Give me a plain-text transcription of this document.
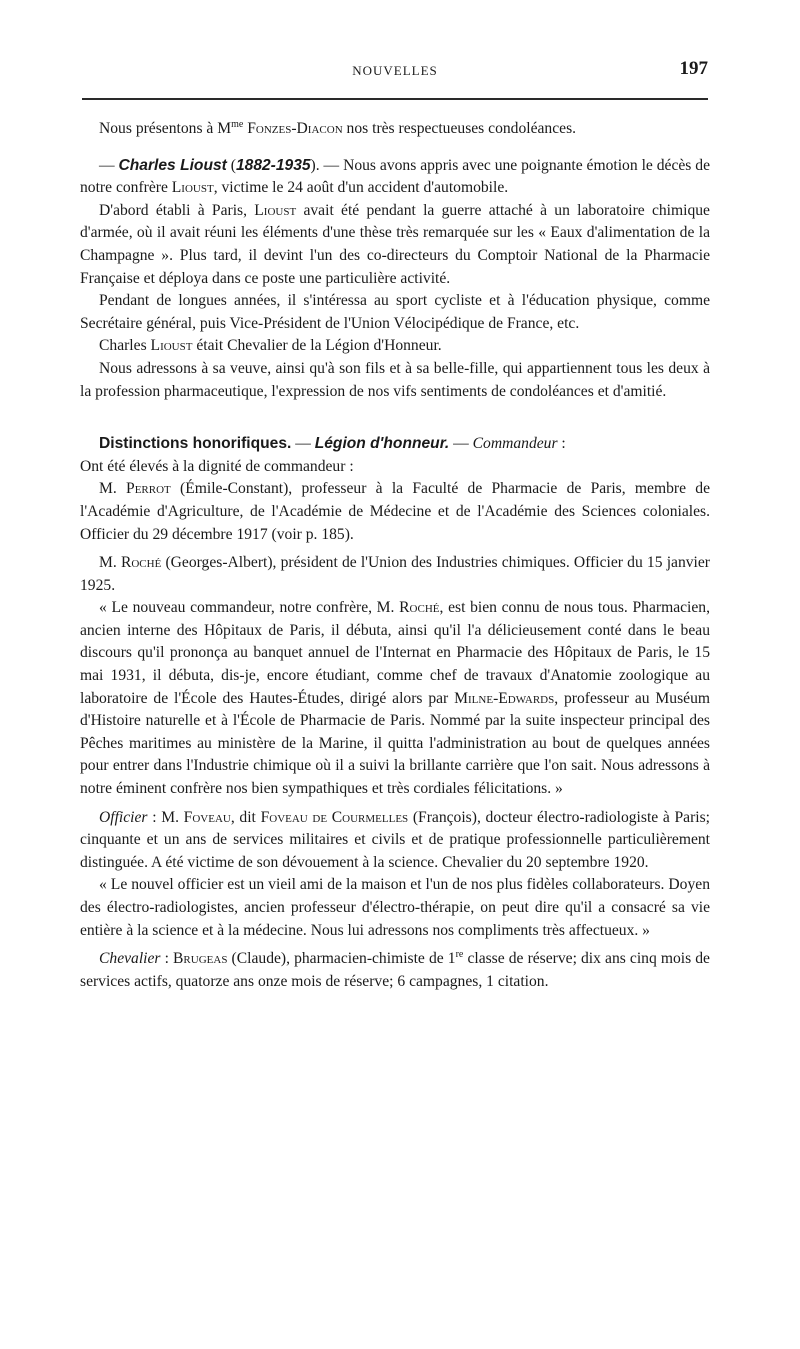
NOUVELLES	197

Nous présentons à $M^{me}$ Fonzes-Diacon nos très respectueuses condoléances.

— Charles Lioust (1882-1935). — Nous avons appris avec une poignante émotion le décès de notre confrère Lioust, victime le 24 août d'un accident d'automobile.

D'abord établi à Paris, Lioust avait été pendant la guerre attaché à un laboratoire chimique d'armée, où il avait réuni les éléments d'une thèse très remarquée sur les « Eaux d'alimentation de la Champagne ». Plus tard, il devint l'un des co-directeurs du Comptoir National de la Pharmacie Française et déploya dans ce poste une particulière activité.

Pendant de longues années, il s'intéressa au sport cycliste et à l'éducation physique, comme Secrétaire général, puis Vice-Président de l'Union Vélocipédique de France, etc.

Charles Lioust était Chevalier de la Légion d'Honneur.

Nous adressons à sa veuve, ainsi qu'à son fils et à sa belle-fille, qui appartiennent tous les deux à la profession pharmaceutique, l'expression de nos vifs sentiments de condoléances et d'amitié.

Distinctions honorifiques. — Légion d'honneur. — Commandeur :

Ont été élevés à la dignité de commandeur :

M. Perrot (Émile-Constant), professeur à la Faculté de Pharmacie de Paris, membre de l'Académie d'Agriculture, de l'Académie de Médecine et de l'Académie des Sciences coloniales. Officier du 29 décembre 1917 (voir p. 185).

M. Roché (Georges-Albert), président de l'Union des Industries chimiques. Officier du 15 janvier 1925.

« Le nouveau commandeur, notre confrère, M. Roché, est bien connu de nous tous. Pharmacien, ancien interne des Hôpitaux de Paris, il débuta, ainsi qu'il l'a délicieusement conté dans le beau discours qu'il prononça au banquet annuel de l'Internat en Pharmacie des Hôpitaux de Paris, le 15 mai 1931, il débuta, dis-je, encore étudiant, comme chef de travaux d'Anatomie zoologique au laboratoire de l'École des Hautes-Études, dirigé alors par Milne-Edwards, professeur au Muséum d'Histoire naturelle et à l'École de Pharmacie de Paris. Nommé par la suite inspecteur principal des Pêches maritimes au ministère de la Marine, il quitta l'administration au bout de quelques années pour entrer dans l'Industrie chimique où il a suivi la brillante carrière que l'on sait. Nous adressons à notre éminent confrère nos bien sympathiques et très cordiales félicitations. »

Officier : M. Foveau, dit Foveau de Courmelles (François), docteur électro-radiologiste à Paris; cinquante et un ans de services militaires et civils et de pratique professionnelle particulièrement distinguée. A été victime de son dévouement à la science. Chevalier du 20 septembre 1920.

« Le nouvel officier est un vieil ami de la maison et l'un de nos plus fidèles collaborateurs. Doyen des électro-radiologistes, ancien professeur d'électro-thérapie, on peut dire qu'il a consacré sa vie entière à la science et à la médecine. Nous lui adressons nos compliments très affectueux. »

Chevalier : Brugeas (Claude), pharmacien-chimiste de 1re classe de réserve; dix ans cinq mois de services actifs, quatorze ans onze mois de réserve; 6 campagnes, 1 citation.
